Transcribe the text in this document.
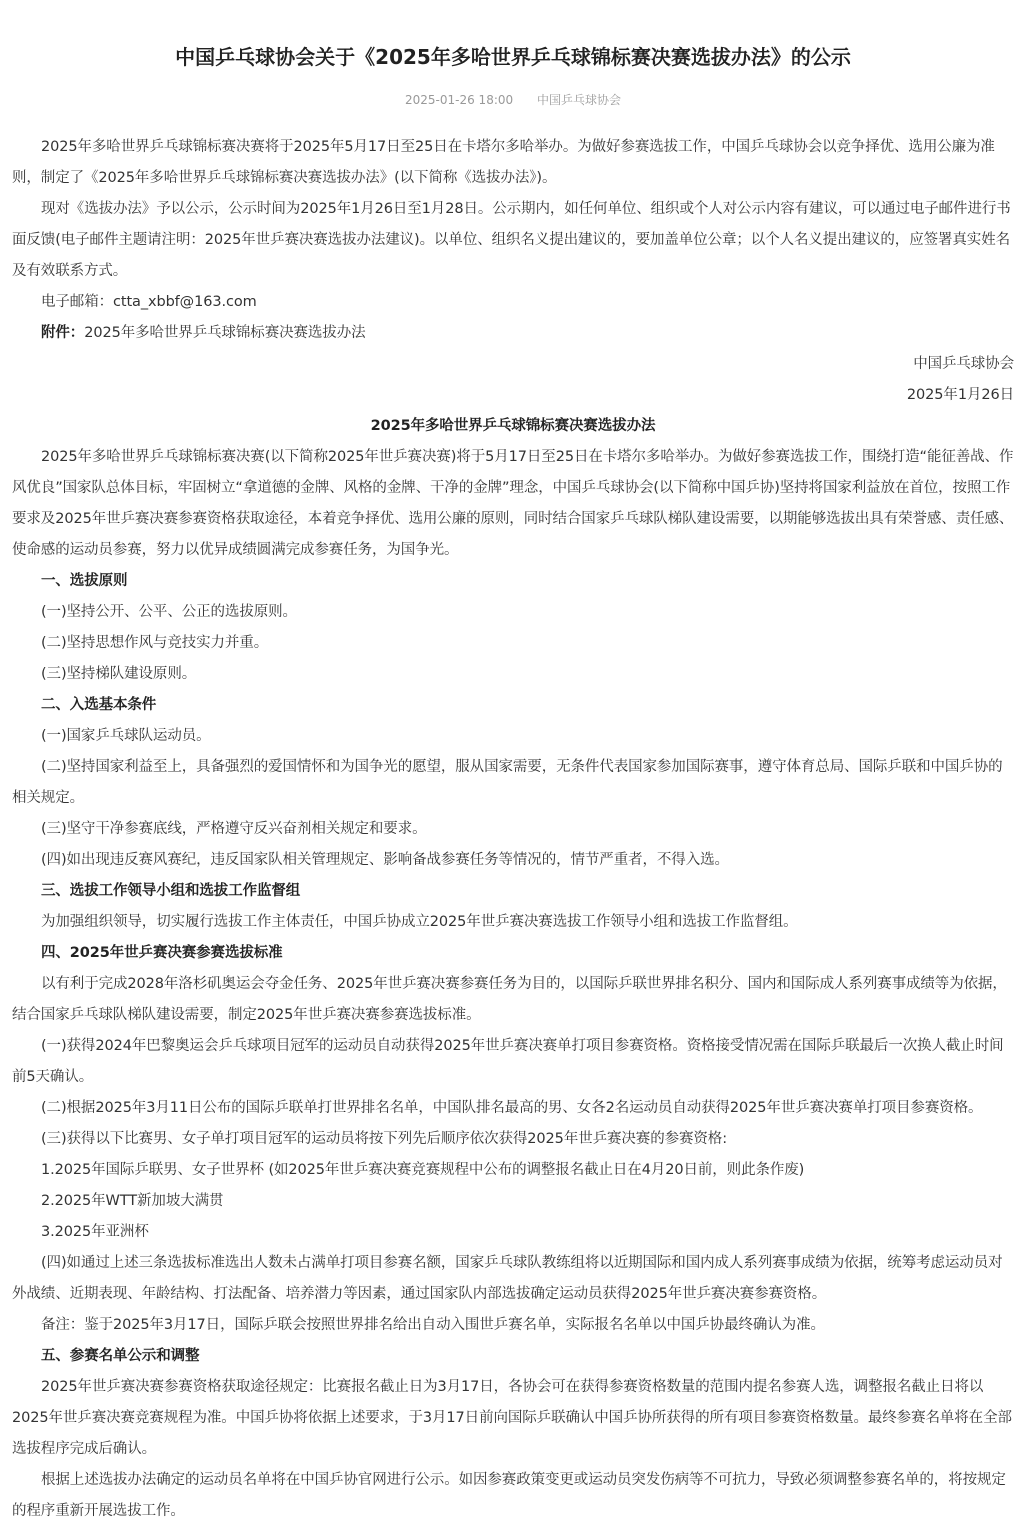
中国乒乓球协会关于《2025年多哈世界乒乓球锦标赛决赛选拔办法》的公示
2025-01-26 18:00 中国乒乓球协会

2025年多哈世界乒乓球锦标赛决赛将于2025年5月17日至25日在卡塔尔多哈举办。为做好参赛选拔工作，中国乒乓球协会以竞争择优、选用公廉为准则，制定了《2025年多哈世界乒乓球锦标赛决赛选拔办法》(以下简称《选拔办法》)。

现对《选拔办法》予以公示，公示时间为2025年1月26日至1月28日。公示期内，如任何单位、组织或个人对公示内容有建议，可以通过电子邮件进行书面反馈(电子邮件主题请注明：2025年世乒赛决赛选拔办法建议)。以单位、组织名义提出建议的，要加盖单位公章；以个人名义提出建议的，应签署真实姓名及有效联系方式。

电子邮箱：ctta_xbbf@163.com

附件：2025年多哈世界乒乓球锦标赛决赛选拔办法

中国乒乓球协会

2025年1月26日

2025年多哈世界乒乓球锦标赛决赛选拔办法

2025年多哈世界乒乓球锦标赛决赛(以下简称2025年世乒赛决赛)将于5月17日至25日在卡塔尔多哈举办。为做好参赛选拔工作，围绕打造“能征善战、作风优良”国家队总体目标，牢固树立“拿道德的金牌、风格的金牌、干净的金牌”理念，中国乒乓球协会(以下简称中国乒协)坚持将国家利益放在首位，按照工作要求及2025年世乒赛决赛参赛资格获取途径，本着竞争择优、选用公廉的原则，同时结合国家乒乓球队梯队建设需要，以期能够选拔出具有荣誉感、责任感、使命感的运动员参赛，努力以优异成绩圆满完成参赛任务，为国争光。

一、选拔原则

(一)坚持公开、公平、公正的选拔原则。

(二)坚持思想作风与竞技实力并重。

(三)坚持梯队建设原则。

二、入选基本条件

(一)国家乒乓球队运动员。

(二)坚持国家利益至上，具备强烈的爱国情怀和为国争光的愿望，服从国家需要，无条件代表国家参加国际赛事，遵守体育总局、国际乒联和中国乒协的相关规定。

(三)坚守干净参赛底线，严格遵守反兴奋剂相关规定和要求。

(四)如出现违反赛风赛纪，违反国家队相关管理规定、影响备战参赛任务等情况的，情节严重者，不得入选。

三、选拔工作领导小组和选拔工作监督组

为加强组织领导，切实履行选拔工作主体责任，中国乒协成立2025年世乒赛决赛选拔工作领导小组和选拔工作监督组。

四、2025年世乒赛决赛参赛选拔标准

以有利于完成2028年洛杉矶奥运会夺金任务、2025年世乒赛决赛参赛任务为目的，以国际乒联世界排名积分、国内和国际成人系列赛事成绩等为依据，结合国家乒乓球队梯队建设需要，制定2025年世乒赛决赛参赛选拔标准。

(一)获得2024年巴黎奥运会乒乓球项目冠军的运动员自动获得2025年世乒赛决赛单打项目参赛资格。资格接受情况需在国际乒联最后一次换人截止时间前5天确认。

(二)根据2025年3月11日公布的国际乒联单打世界排名名单，中国队排名最高的男、女各2名运动员自动获得2025年世乒赛决赛单打项目参赛资格。

(三)获得以下比赛男、女子单打项目冠军的运动员将按下列先后顺序依次获得2025年世乒赛决赛的参赛资格:

1.2025年国际乒联男、女子世界杯 (如2025年世乒赛决赛竞赛规程中公布的调整报名截止日在4月20日前，则此条作废)

2.2025年WTT新加坡大满贯

3.2025年亚洲杯

(四)如通过上述三条选拔标准选出人数未占满单打项目参赛名额，国家乒乓球队教练组将以近期国际和国内成人系列赛事成绩为依据，统筹考虑运动员对外战绩、近期表现、年龄结构、打法配备、培养潜力等因素，通过国家队内部选拔确定运动员获得2025年世乒赛决赛参赛资格。

备注：鉴于2025年3月17日，国际乒联会按照世界排名给出自动入围世乒赛名单，实际报名名单以中国乒协最终确认为准。

五、参赛名单公示和调整

2025年世乒赛决赛参赛资格获取途径规定：比赛报名截止日为3月17日，各协会可在获得参赛资格数量的范围内提名参赛人选，调整报名截止日将以2025年世乒赛决赛竞赛规程为准。中国乒协将依据上述要求，于3月17日前向国际乒联确认中国乒协所获得的所有项目参赛资格数量。最终参赛名单将在全部选拔程序完成后确认。

根据上述选拔办法确定的运动员名单将在中国乒协官网进行公示。如因参赛政策变更或运动员突发伤病等不可抗力，导致必须调整参赛名单的，将按规定的程序重新开展选拔工作。
